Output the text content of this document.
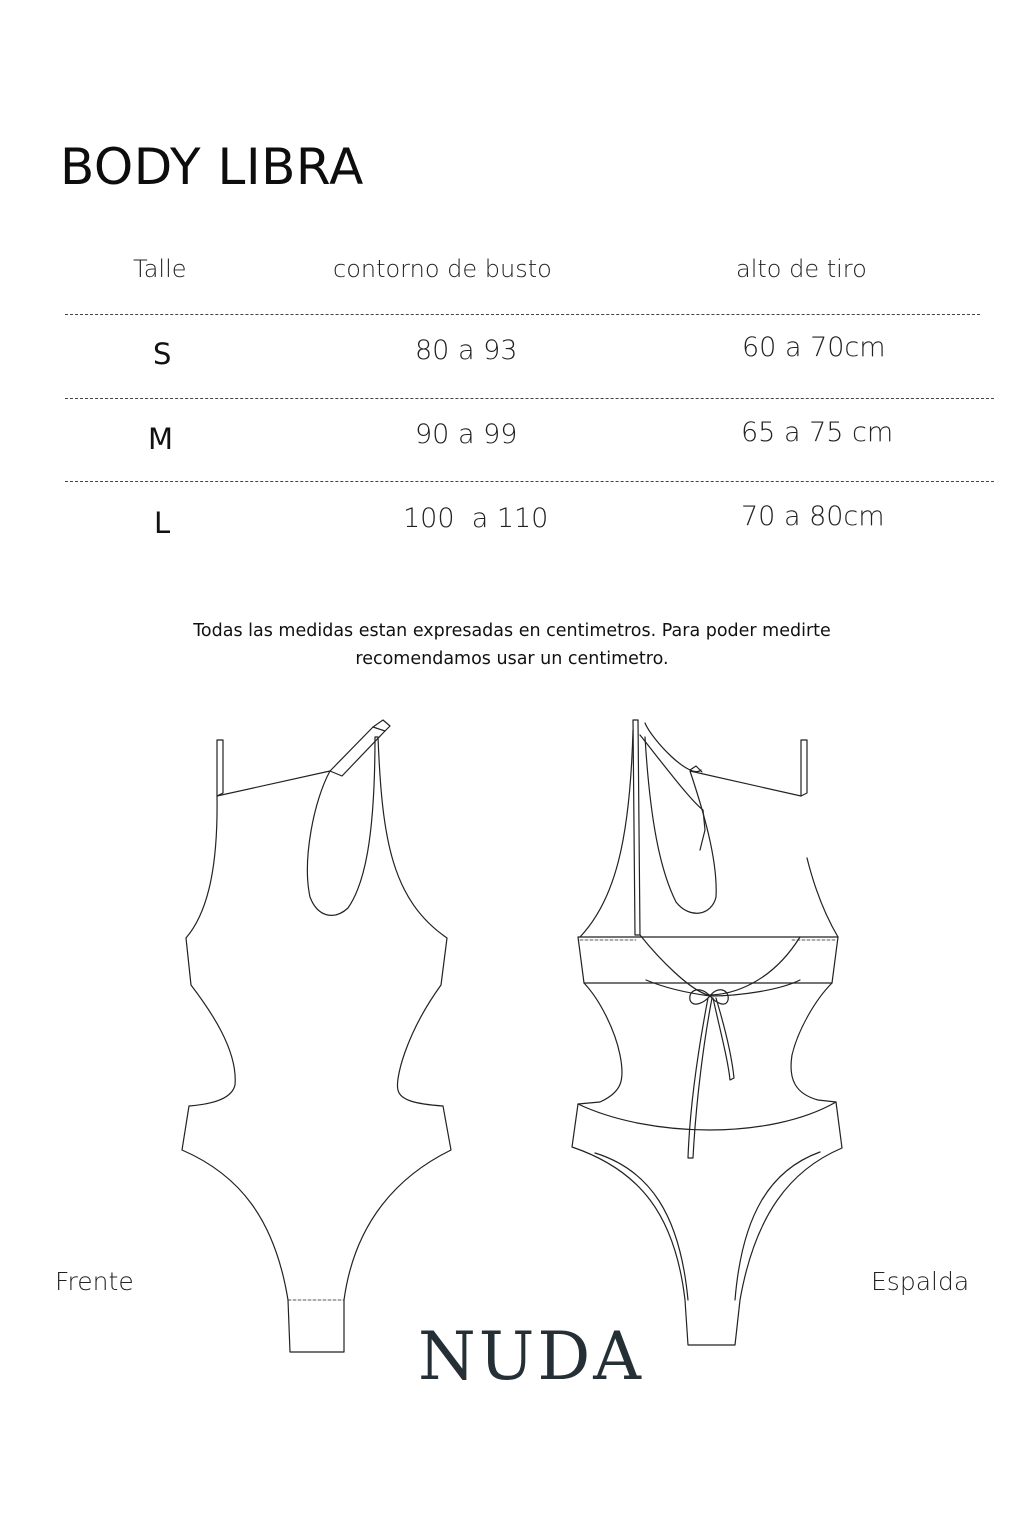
BODY LIBRA
Talle	contorno de busto	alto de tiro
S	80 a 93	60 a 70cm
M	90 a 99	65 a 75 cm
L	100  a 110	70 a 80cm
Todas las medidas estan expresadas en centimetros. Para poder medirte
recomendamos usar un centimetro.
Frente	Espalda
NUDA
